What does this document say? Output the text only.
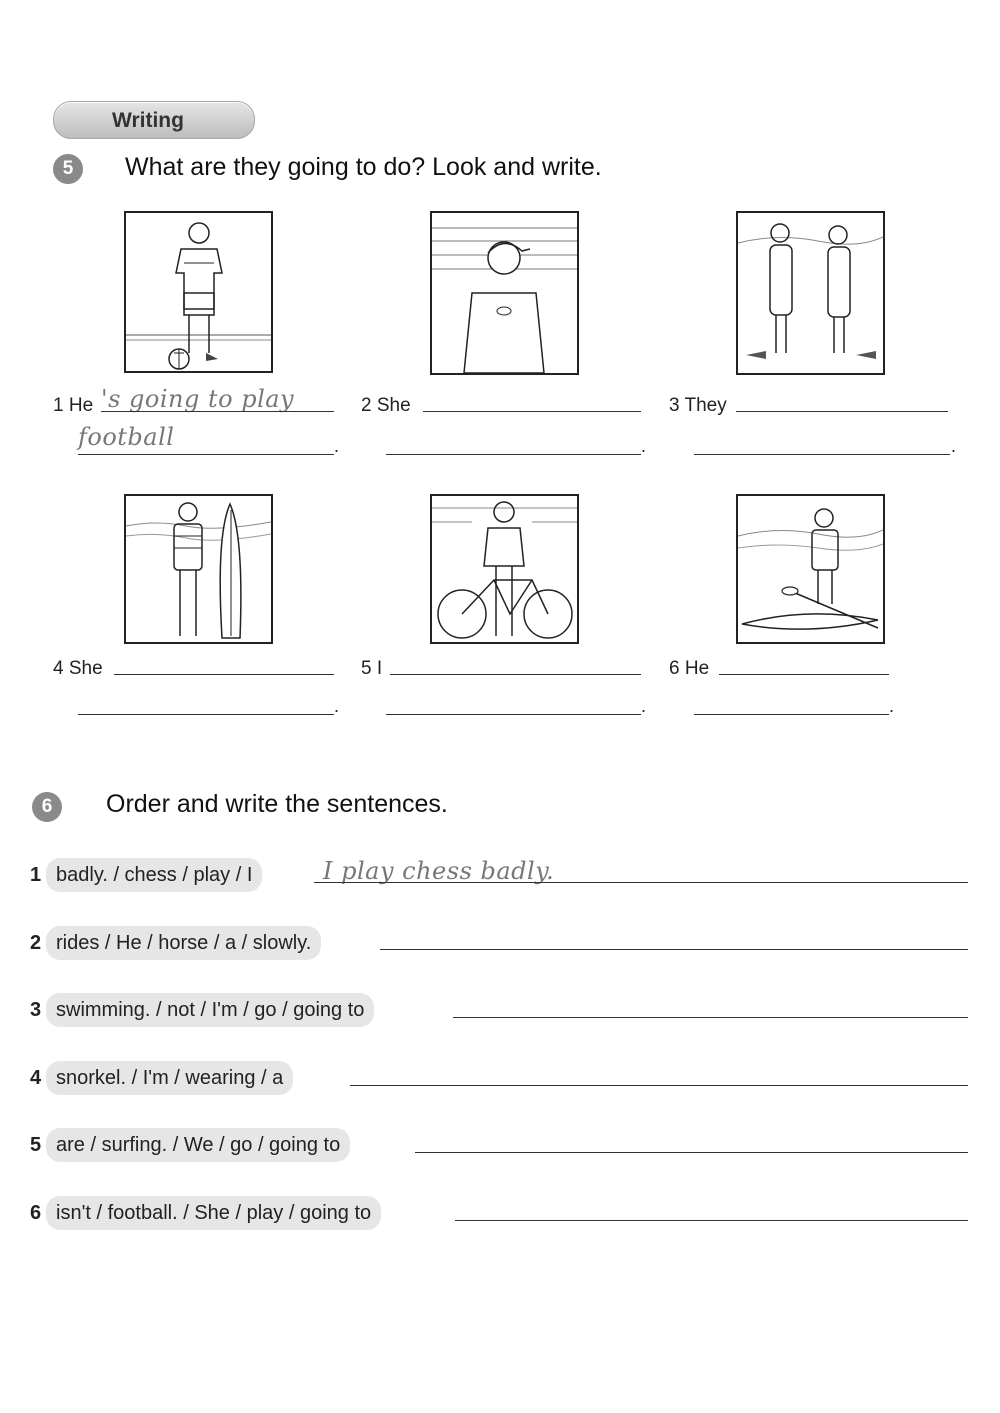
Writing
5	What are they going to do? Look and write.
1 He 's going to play
football	.
2 She
.
3 They
.
4 She
.
5 I
.
6 He
.
6	Order and write the sentences.
1 badly. / chess / play / I	I play chess badly.
2 rides / He / horse / a / slowly.
3 swimming. / not / I'm / go / going to
4 snorkel. / I'm / wearing / a
5 are / surfing. / We / go / going to
6 isn't / football. / She / play / going to
